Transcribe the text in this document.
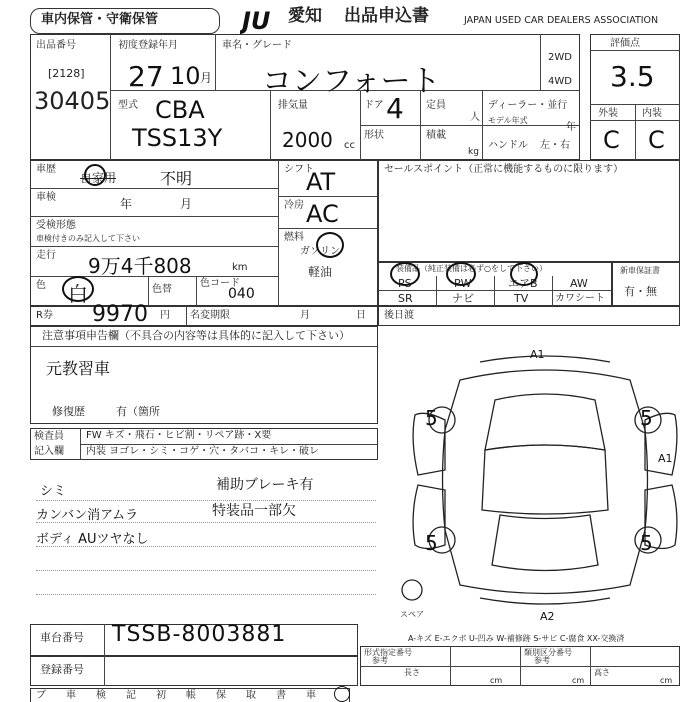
車内保管・守衛保管	JU 愛知 出品申込書	JAPAN USED CAR DEALERS ASSOCIATION
出品番号
[2128]
30405
初度登録年月
27 10 月
車名・グレード
コンフォート
2WD
4WD
型式 CBA
TSS13Y
排気量
2000 cc
ドア 4 定員
人
形状	積載
kg
ディーラー・並行
モデル年式
年
ハンドル 左・右
評価点
3.5
外装 内装
C C
車歴
自家用	不明
車検	年	月
受検形態
車検付きのみ記入して下さい
走行 9万4千808	km
色 白	色替
色コード
040
シフト
AT
冷房 AC
燃料
ガソリン
軽油
R券 9970 円 名変期限	月	日
セールスポイント（正常に機能するものに限ります）
装備品（純正装備は必ず○をして下さい）
PS	PW	エアB	AW
SR	ナビ	TV	カワシート
新車保証書
有・無
後日渡
注意事項申告欄（不具合の内容等は具体的に記入して下さい）
元教習車
修復歴	有（箇所
検査員
記入欄
FW キズ・飛石・ヒビ割・リペア跡・X要
内装 ヨゴレ・シミ・コゲ・穴・タバコ・キレ・破レ
シミ
カンバン消アムラ
ボディ AUツヤなし
補助ブレーキ有
特装品一部欠
A1
A1
A2
5	5
5	5
スペア
A-キズ E-エクボ U-凹み W-補修跡 S-サビ C-腐食 XX-交換済
車台番号 TSSB-8003881
登録番号
形式指定番号
参考
類別区分番号
参考
長さ
cm
高さ
cm
cm
ブ 車 検 記 初 帳 保 取 書 車
